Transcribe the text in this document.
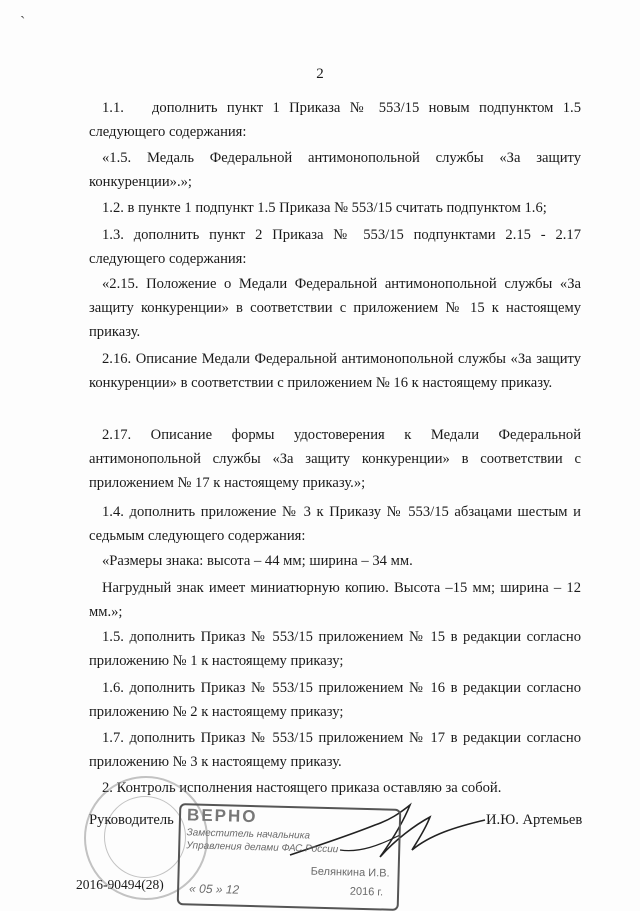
2

1.1.   дополнить пункт 1 Приказа № 553/15 новым подпунктом 1.5 следующего содержания:

«1.5. Медаль Федеральной антимонопольной службы «За защиту конкуренции».»;

1.2. в пункте 1 подпункт 1.5 Приказа № 553/15 считать подпунктом 1.6;

1.3. дополнить пункт 2 Приказа № 553/15 подпунктами 2.15 - 2.17 следующего содержания:

«2.15. Положение о Медали Федеральной антимонопольной службы «За защиту конкуренции» в соответствии с приложением № 15 к настоящему приказу.

2.16. Описание Медали Федеральной антимонопольной службы «За защиту конкуренции» в соответствии с приложением № 16 к настоящему приказу.

2.17. Описание формы удостоверения к Медали Федеральной антимонопольной службы «За защиту конкуренции» в соответствии с приложением № 17 к настоящему приказу.»;

1.4. дополнить приложение № 3 к Приказу № 553/15 абзацами шестым и седьмым следующего содержания:

«Размеры знака: высота – 44 мм; ширина – 34 мм.

Нагрудный знак имеет миниатюрную копию. Высота –15 мм; ширина – 12 мм.»;

1.5. дополнить Приказ № 553/15 приложением № 15 в редакции согласно приложению № 1 к настоящему приказу;

1.6. дополнить Приказ № 553/15 приложением № 16 в редакции согласно приложению № 2 к настоящему приказу;

1.7. дополнить Приказ № 553/15 приложением № 17 в редакции согласно приложению № 3 к настоящему приказу.

2. Контроль исполнения настоящего приказа оставляю за собой.

Руководитель	И.Ю. Артемьев
ВЕРНО
Заместитель начальника
Управления делами ФАС России
Белянкина И.В.
« 05 » 12	2016 г.
2016-90494(28)
`
